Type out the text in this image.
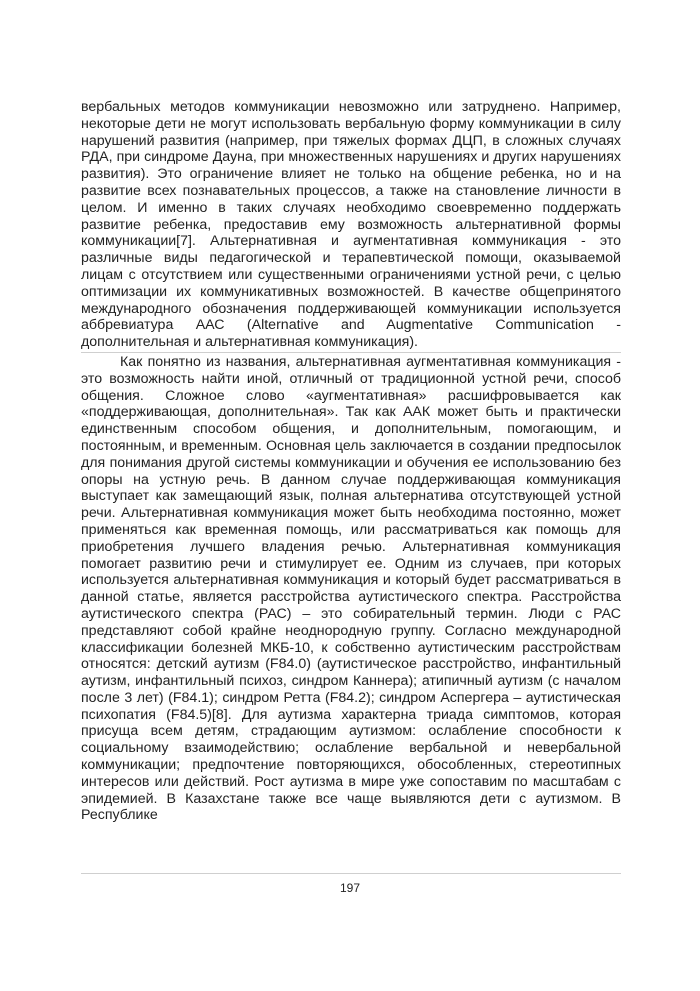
вербальных методов коммуникации невозможно или затруднено. Например, некоторые дети не могут использовать вербальную форму коммуникации в силу нарушений развития (например, при тяжелых формах ДЦП, в сложных случаях РДА, при синдроме Дауна, при множественных нарушениях и других нарушениях развития). Это ограничение влияет не только на общение ребенка, но и на развитие всех познавательных процессов, а также на становление личности в целом. И именно в таких случаях необходимо своевременно поддержать развитие ребенка, предоставив ему возможность альтернативной формы коммуникации[7]. Альтернативная и аугментативная коммуникация - это различные виды педагогической и терапевтической помощи, оказываемой лицам с отсутствием или существенными ограничениями устной речи, с целью оптимизации их коммуникативных возможностей. В качестве общепринятого международного обозначения поддерживающей коммуникации используется аббревиатура ААС (Alternative and Augmentative Communication - дополнительная и альтернативная коммуникация).

Как понятно из названия, альтернативная аугментативная коммуникация - это возможность найти иной, отличный от традиционной устной речи, способ общения. Сложное слово «аугментативная» расшифровывается как «поддерживающая, дополнительная». Так как ААК может быть и практически единственным способом общения, и дополнительным, помогающим, и постоянным, и временным. Основная цель заключается в создании предпосылок для понимания другой системы коммуникации и обучения ее использованию без опоры на устную речь. В данном случае поддерживающая коммуникация выступает как замещающий язык, полная альтернатива отсутствующей устной речи. Альтернативная коммуникация может быть необходима постоянно, может применяться как временная помощь, или рассматриваться как помощь для приобретения лучшего владения речью. Альтернативная коммуникация помогает развитию речи и стимулирует ее. Одним из случаев, при которых используется альтернативная коммуникация и который будет рассматриваться в данной статье, является расстройства аутистического спектра. Расстройства аутистического спектра (РАС) – это собирательный термин. Люди с РАС представляют собой крайне неоднородную группу. Согласно международной классификации болезней МКБ-10, к собственно аутистическим расстройствам относятся: детский аутизм (F84.0) (аутистическое расстройство, инфантильный аутизм, инфантильный психоз, синдром Каннера); атипичный аутизм (с началом после 3 лет) (F84.1); синдром Ретта (F84.2); синдром Аспергера – аутистическая психопатия (F84.5)[8]. Для аутизма характерна триада симптомов, которая присуща всем детям, страдающим аутизмом: ослабление способности к социальному взаимодействию; ослабление вербальной и невербальной коммуникации; предпочтение повторяющихся, обособленных, стереотипных интересов или действий. Рост аутизма в мире уже сопоставим по масштабам с эпидемией. В Казахстане также все чаще выявляются дети с аутизмом. В Республике

197
